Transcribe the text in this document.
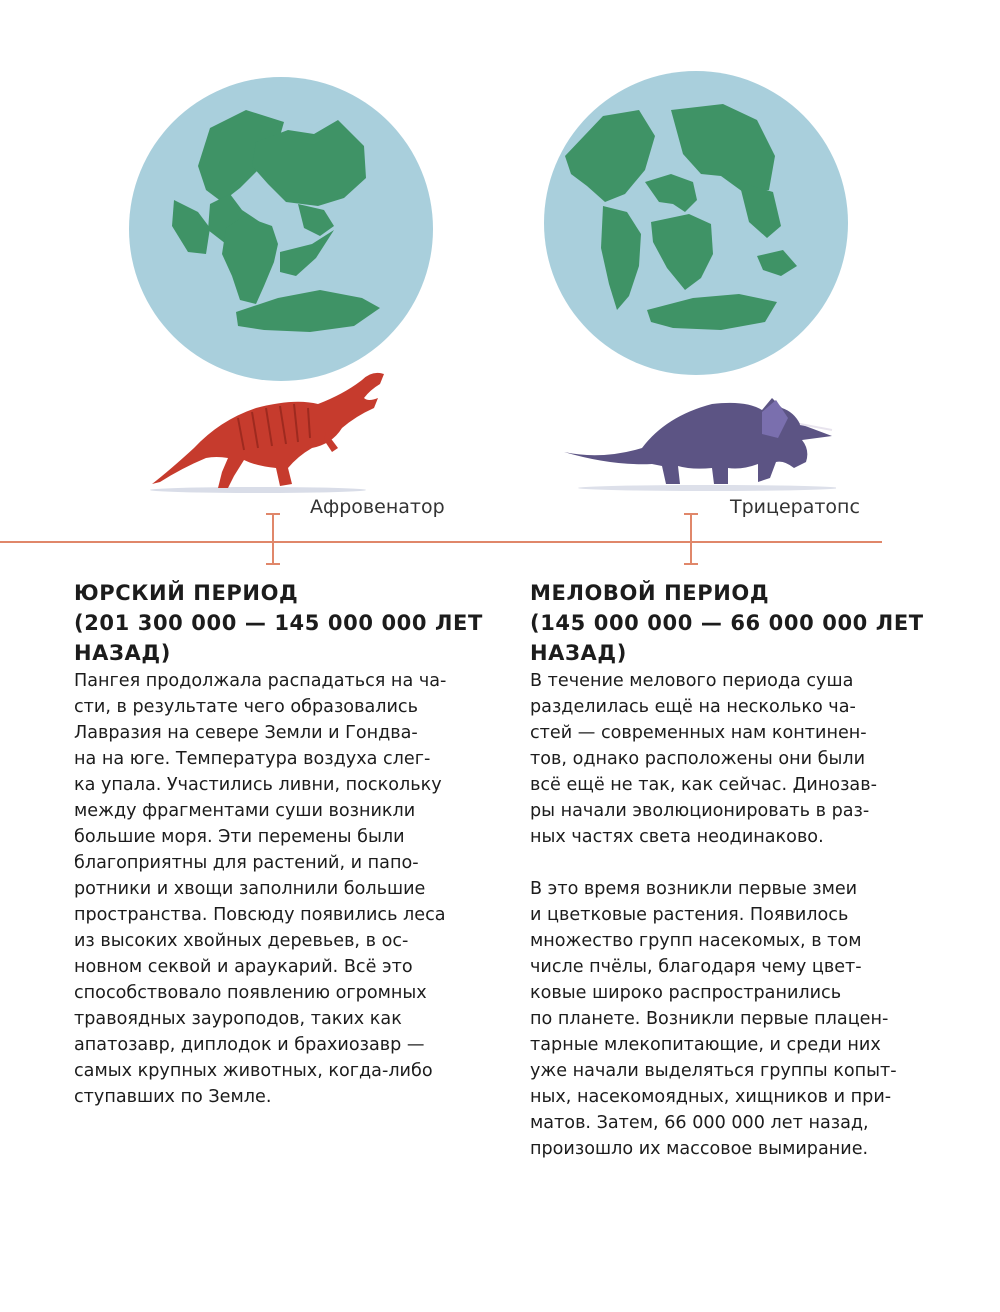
Афровенатор	Трицератопс
ЮРСКИЙ ПЕРИОД
(201 300 000 — 145 000 000 ЛЕТ
НАЗАД)
Пангея продолжала распадаться на ча-
сти, в результате чего образовались
Лавразия на севере Земли и Гондва-
на на юге. Температура воздуха слег-
ка упала. Участились ливни, поскольку
между фрагментами суши возникли
большие моря. Эти перемены были
благоприятны для растений, и папо-
ротники и хвощи заполнили большие
пространства. Повсюду появились леса
из высоких хвойных деревьев, в ос-
новном секвой и араукарий. Всё это
способствовало появлению огромных
травоядных зауроподов, таких как
апатозавр, диплодок и брахиозавр —
самых крупных животных, когда-либо
ступавших по Земле.
МЕЛОВОЙ ПЕРИОД
(145 000 000 — 66 000 000 ЛЕТ
НАЗАД)
В течение мелового периода суша
разделилась ещё на несколько ча-
стей — современных нам континен-
тов, однако расположены они были
всё ещё не так, как сейчас. Динозав-
ры начали эволюционировать в раз-
ных частях света неодинаково.
В это время возникли первые змеи
и цветковые растения. Появилось
множество групп насекомых, в том
числе пчёлы, благодаря чему цвет-
ковые широко распространились
по планете. Возникли первые плацен-
тарные млекопитающие, и среди них
уже начали выделяться группы копыт-
ных, насекомоядных, хищников и при-
матов. Затем, 66 000 000 лет назад,
произошло их массовое вымирание.
